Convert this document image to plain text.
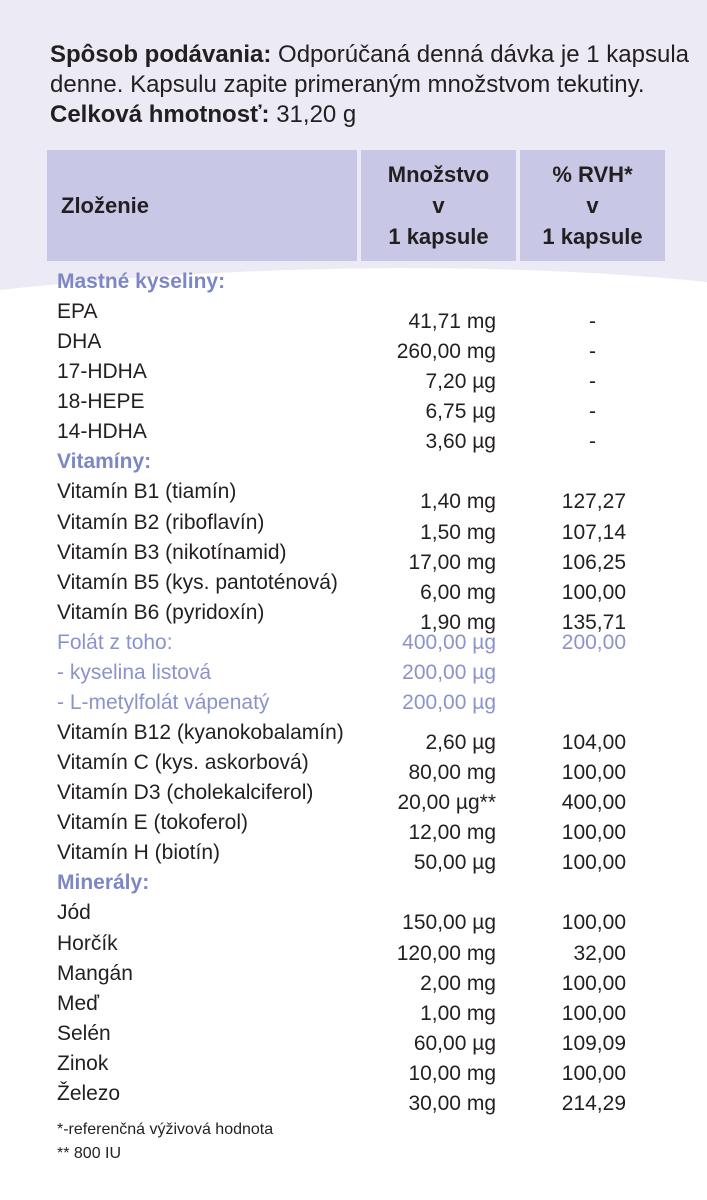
Spôsob podávania: Odporúčaná denná dávka je 1 kapsula denne. Kapsulu zapite primeraným množstvom tekutiny.
Celková hmotnosť: 31,20 g
Zloženie
Množstvo
v
1 kapsule
% RVH*
v
1 kapsule
Mastné kyseliny:
EPA	41,71 mg	-
DHA	260,00 mg	-
17-HDHA	7,20 µg	-
18-HEPE	6,75 µg	-
14-HDHA	3,60 µg	-
Vitamíny:
Vitamín B1 (tiamín)	1,40 mg	127,27
Vitamín B2 (riboflavín)	1,50 mg	107,14
Vitamín B3 (nikotínamid)	17,00 mg	106,25
Vitamín B5 (kys. pantoténová)	6,00 mg	100,00
Vitamín B6 (pyridoxín)	1,90 mg	135,71
Folát z toho:	400,00 µg	200,00
- kyselina listová	200,00 µg
- L-metylfolát vápenatý	200,00 µg
Vitamín B12 (kyanokobalamín)	2,60 µg	104,00
Vitamín C (kys. askorbová)	80,00 mg	100,00
Vitamín D3 (cholekalciferol)	20,00 µg**	400,00
Vitamín E (tokoferol)	12,00 mg	100,00
Vitamín H (biotín)	50,00 µg	100,00
Minerály:
Jód	150,00 µg	100,00
Horčík	120,00 mg	32,00
Mangán	2,00 mg	100,00
Meď	1,00 mg	100,00
Selén	60,00 µg	109,09
Zinok	10,00 mg	100,00
Železo	30,00 mg	214,29
*-referenčná výživová hodnota
** 800 IU
